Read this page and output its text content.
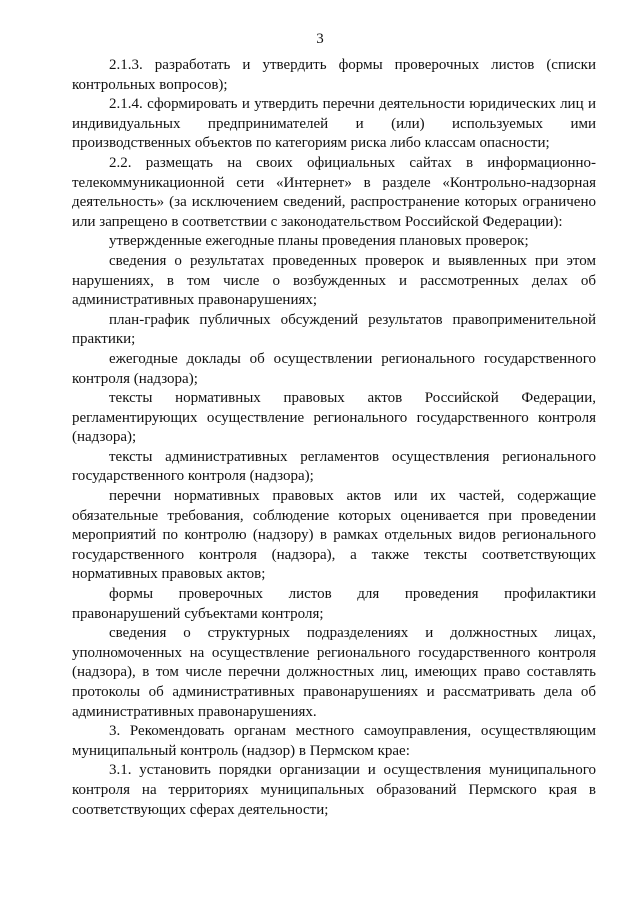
3

2.1.3. разработать и утвердить формы проверочных листов (списки контрольных вопросов);

2.1.4. сформировать и утвердить перечни деятельности юридических лиц и индивидуальных предпринимателей и (или) используемых ими производственных объектов по категориям риска либо классам опасности;

2.2. размещать на своих официальных сайтах в информационно-телекоммуникационной сети «Интернет» в разделе «Контрольно-надзорная деятельность» (за исключением сведений, распространение которых ограничено или запрещено в соответствии с законодательством Российской Федерации):

утвержденные ежегодные планы проведения плановых проверок;

сведения о результатах проведенных проверок и выявленных при этом нарушениях, в том числе о возбужденных и рассмотренных делах об административных правонарушениях;

план-график публичных обсуждений результатов правоприменительной практики;

ежегодные доклады об осуществлении регионального государственного контроля (надзора);

тексты нормативных правовых актов Российской Федерации, регламентирующих осуществление регионального государственного контроля (надзора);

тексты административных регламентов осуществления регионального государственного контроля (надзора);

перечни нормативных правовых актов или их частей, содержащие обязательные требования, соблюдение которых оценивается при проведении мероприятий по контролю (надзору) в рамках отдельных видов регионального государственного контроля (надзора), а также тексты соответствующих нормативных правовых актов;

формы проверочных листов для проведения профилактики правонарушений субъектами контроля;

сведения о структурных подразделениях и должностных лицах, уполномоченных на осуществление регионального государственного контроля (надзора), в том числе перечни должностных лиц, имеющих право составлять протоколы об административных правонарушениях и рассматривать дела об административных правонарушениях.

3. Рекомендовать органам местного самоуправления, осуществляющим муниципальный контроль (надзор) в Пермском крае:

3.1. установить порядки организации и осуществления муниципального контроля на территориях муниципальных образований Пермского края в соответствующих сферах деятельности;
